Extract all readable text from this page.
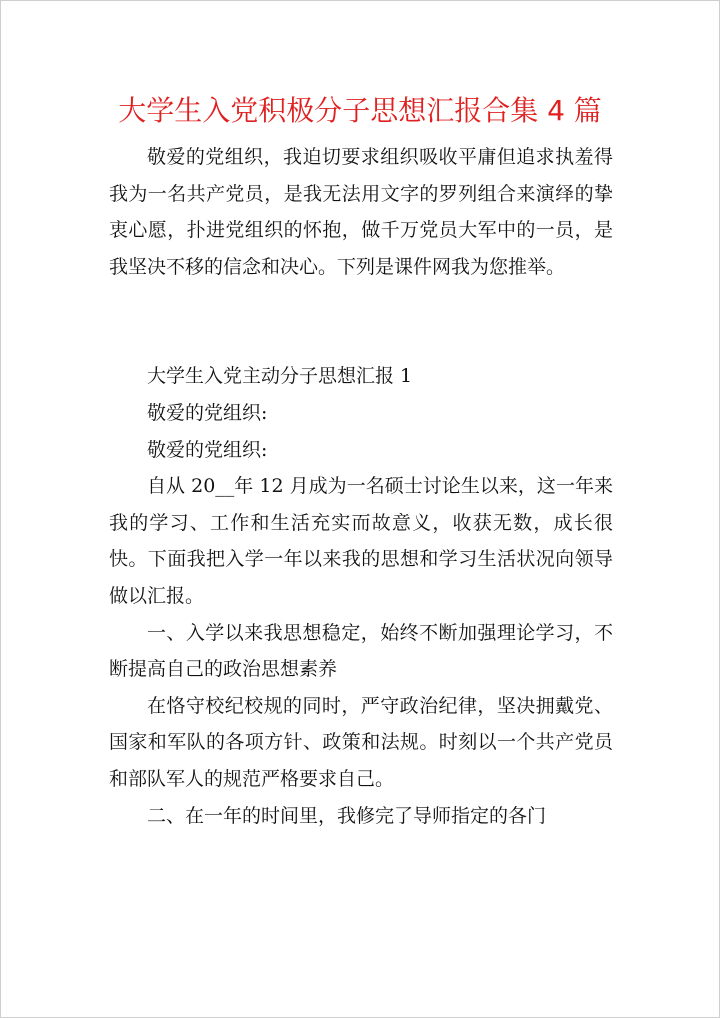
大学生入党积极分子思想汇报合集 4 篇

敬爱的党组织，我迫切要求组织吸收平庸但追求执羞得我为一名共产党员，是我无法用文字的罗列组合来演绎的挚衷心愿，扑进党组织的怀抱，做千万党员大军中的一员，是我坚决不移的信念和决心。下列是课件网我为您推举。

大学生入党主动分子思想汇报 1

敬爱的党组织:

敬爱的党组织:

自从 20__年 12 月成为一名硕士讨论生以来，这一年来我的学习、工作和生活充实而故意义，收获无数，成长很快。下面我把入学一年以来我的思想和学习生活状况向领导做以汇报。

一、入学以来我思想稳定，始终不断加强理论学习，不断提高自己的政治思想素养

在恪守校纪校规的同时，严守政治纪律，坚决拥戴党、国家和军队的各项方针、政策和法规。时刻以一个共产党员和部队军人的规范严格要求自己。

二、在一年的时间里，我修完了导师指定的各门
